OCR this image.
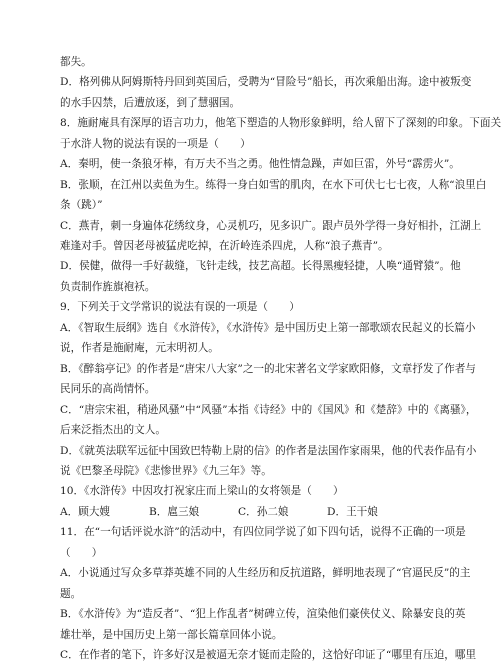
都失。
D．格列佛从阿姆斯特丹回到英国后，受聘为“冒险号”船长，再次乘船出海。途中被叛变
的水手囚禁，后遭放逐，到了慧骃国。
8．施耐庵具有深厚的语言功力，他笔下塑造的人物形象鲜明，给人留下了深刻的印象。下面关
于水浒人物的说法有误的一项是（　　）
A．秦明，使一条狼牙棒，有万夫不当之勇。他性情急躁，声如巨雷，外号“霹雳火”。
B．张顺，在江州以卖鱼为生。练得一身白如雪的肌肉，在水下可伏七七七夜，人称“浪里白
条（跳）”
C．燕青，刺一身遍体花绣纹身，心灵机巧，见多识广。跟卢员外学得一身好相扑，江湖上
难逢对手。曾因老母被猛虎吃掉，在沂岭连杀四虎，人称“浪子燕青”。
D．侯健，做得一手好裁缝，飞针走线，技艺高超。长得黑瘦轻捷，人唤“通臂猿”。他
负责制作旌旗袍袄。
9．下列关于文学常识的说法有误的一项是（　　）
A．《智取生辰纲》选自《水浒传》，《水浒传》是中国历史上第一部歌颂农民起义的长篇小
说，作者是施耐庵，元末明初人。
B．《醉翁亭记》的作者是“唐宋八大家”之一的北宋著名文学家欧阳修，文章抒发了作者与
民同乐的高尚情怀。
C．“唐宗宋祖，稍逊风骚”中“风骚”本指《诗经》中的《国风》和《楚辞》中的《离骚》，
后来泛指杰出的文人。
D．《就英法联军远征中国致巴特勒上尉的信》的作者是法国作家雨果，他的代表作品有小
说《巴黎圣母院》《悲惨世界》《九三年》等。
10．《水浒传》中因攻打祝家庄而上梁山的女将领是（　　）
A．顾大嫂	B．扈三娘	C．孙二娘	D．王干娘
11．在“一句话评说水浒”的活动中，有四位同学说了如下四句话，说得不正确的一项是
（　　）
A．小说通过写众多草莽英雄不同的人生经历和反抗道路，鲜明地表现了“官逼民反”的主
题。
B．《水浒传》为“造反者”、“犯上作乱者”树碑立传，渲染他们豪侠仗义、除暴安良的英
雄壮举，是中国历史上第一部长篇章回体小说。
C．在作者的笔下，许多好汉是被逼无奈才铤而走险的，这恰好印证了“哪里有压迫，哪里
